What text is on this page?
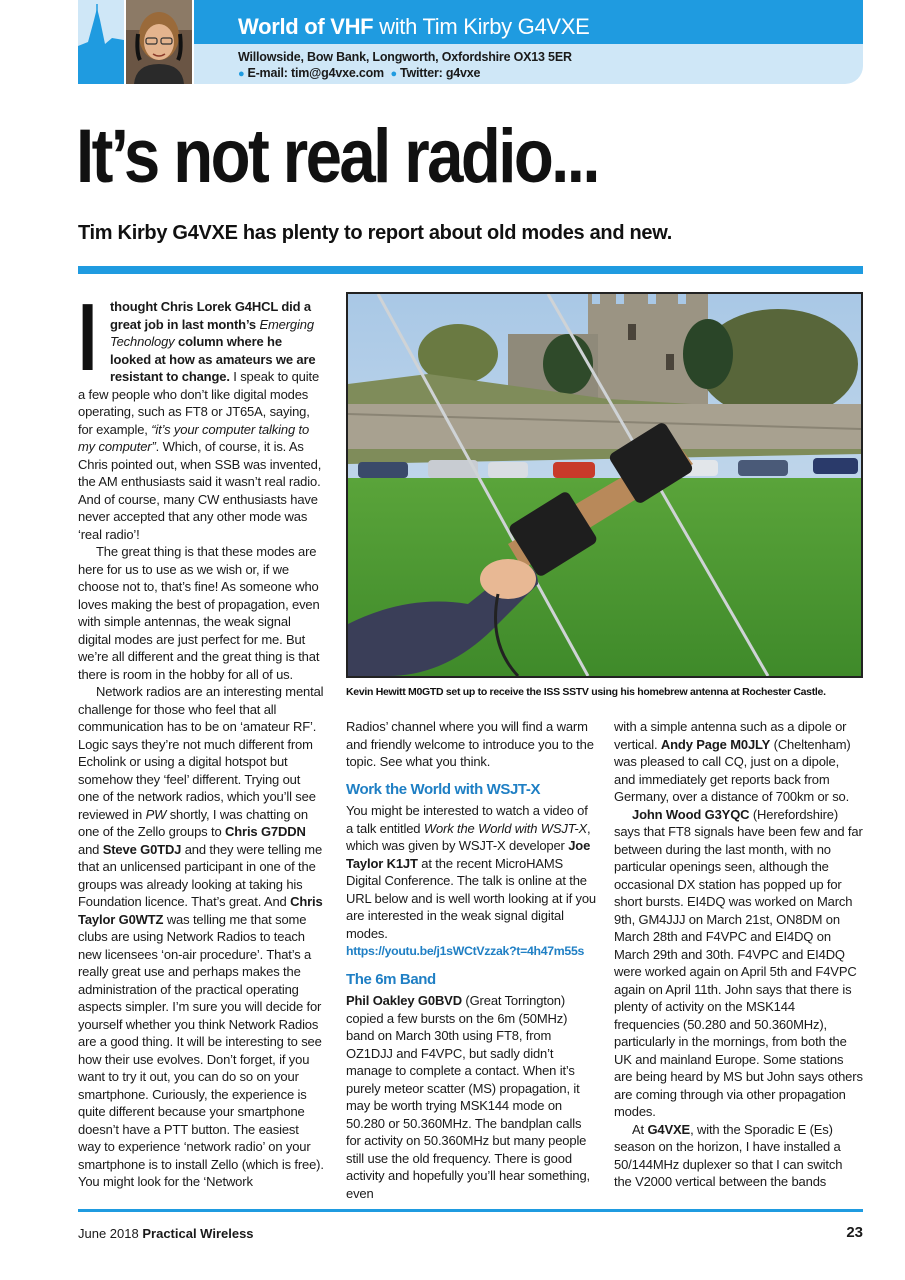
World of VHF with Tim Kirby G4VXE
Willowside, Bow Bank, Longworth, Oxfordshire OX13 5ER
● E-mail: tim@g4vxe.com ● Twitter: g4vxe
It’s not real radio...
Tim Kirby G4VXE has plenty to report about old modes and new.

Ithought Chris Lorek G4HCL did a great job in last month’s Emerging Technology column where he looked at how as amateurs we are resistant to change. I speak to quite a few people who don’t like digital modes operating, such as FT8 or JT65A, saying, for example, “it’s your computer talking to my computer”. Which, of course, it is. As Chris pointed out, when SSB was invented, the AM enthusiasts said it wasn’t real radio. And of course, many CW enthusiasts have never accepted that any other mode was ‘real radio’!

The great thing is that these modes are here for us to use as we wish or, if we choose not to, that’s fine! As someone who loves making the best of propagation, even with simple antennas, the weak signal digital modes are just perfect for me. But we’re all different and the great thing is that there is room in the hobby for all of us.

Network radios are an interesting mental challenge for those who feel that all communication has to be on ‘amateur RF’. Logic says they’re not much different from Echolink or using a digital hotspot but somehow they ‘feel’ different. Trying out one of the network radios, which you’ll see reviewed in PW shortly, I was chatting on one of the Zello groups to Chris G7DDN and Steve G0TDJ and they were telling me that an unlicensed participant in one of the groups was already looking at taking his Foundation licence. That’s great. And Chris Taylor G0WTZ was telling me that some clubs are using Network Radios to teach new licensees ‘on-air procedure’. That’s a really great use and perhaps makes the administration of the practical operating aspects simpler. I’m sure you will decide for yourself whether you think Network Radios are a good thing. It will be interesting to see how their use evolves. Don’t forget, if you want to try it out, you can do so on your smartphone. Curiously, the experience is quite different because your smartphone doesn’t have a PTT button. The easiest way to experience ‘network radio’ on your smartphone is to install Zello (which is free). You might look for the ‘Network

Kevin Hewitt M0GTD set up to receive the ISS SSTV using his homebrew antenna at Rochester Castle.

Radios’ channel where you will find a warm and friendly welcome to introduce you to the topic. See what you think.

Work the World with WSJT-X

You might be interested to watch a video of a talk entitled Work the World with WSJT-X, which was given by WSJT-X developer Joe Taylor K1JT at the recent MicroHAMS Digital Conference. The talk is online at the URL below and is well worth looking at if you are interested in the weak signal digital modes.

https://youtu.be/j1sWCtVzzak?t=4h47m55s

The 6m Band

Phil Oakley G0BVD (Great Torrington) copied a few bursts on the 6m (50MHz) band on March 30th using FT8, from OZ1DJJ and F4VPC, but sadly didn’t manage to complete a contact. When it’s purely meteor scatter (MS) propagation, it may be worth trying MSK144 mode on 50.280 or 50.360MHz. The bandplan calls for activity on 50.360MHz but many people still use the old frequency. There is good activity and hopefully you’ll hear something, even

with a simple antenna such as a dipole or vertical. Andy Page M0JLY (Cheltenham) was pleased to call CQ, just on a dipole, and immediately get reports back from Germany, over a distance of 700km or so.

John Wood G3YQC (Herefordshire) says that FT8 signals have been few and far between during the last month, with no particular openings seen, although the occasional DX station has popped up for short bursts. EI4DQ was worked on March 9th, GM4JJJ on March 21st, ON8DM on March 28th and F4VPC and EI4DQ on March 29th and 30th. F4VPC and EI4DQ were worked again on April 5th and F4VPC again on April 11th. John says that there is plenty of activity on the MSK144 frequencies (50.280 and 50.360MHz), particularly in the mornings, from both the UK and mainland Europe. Some stations are being heard by MS but John says others are coming through via other propagation modes.

At G4VXE, with the Sporadic E (Es) season on the horizon, I have installed a 50/144MHz duplexer so that I can switch the V2000 vertical between the bands

June 2018 Practical Wireless	23
